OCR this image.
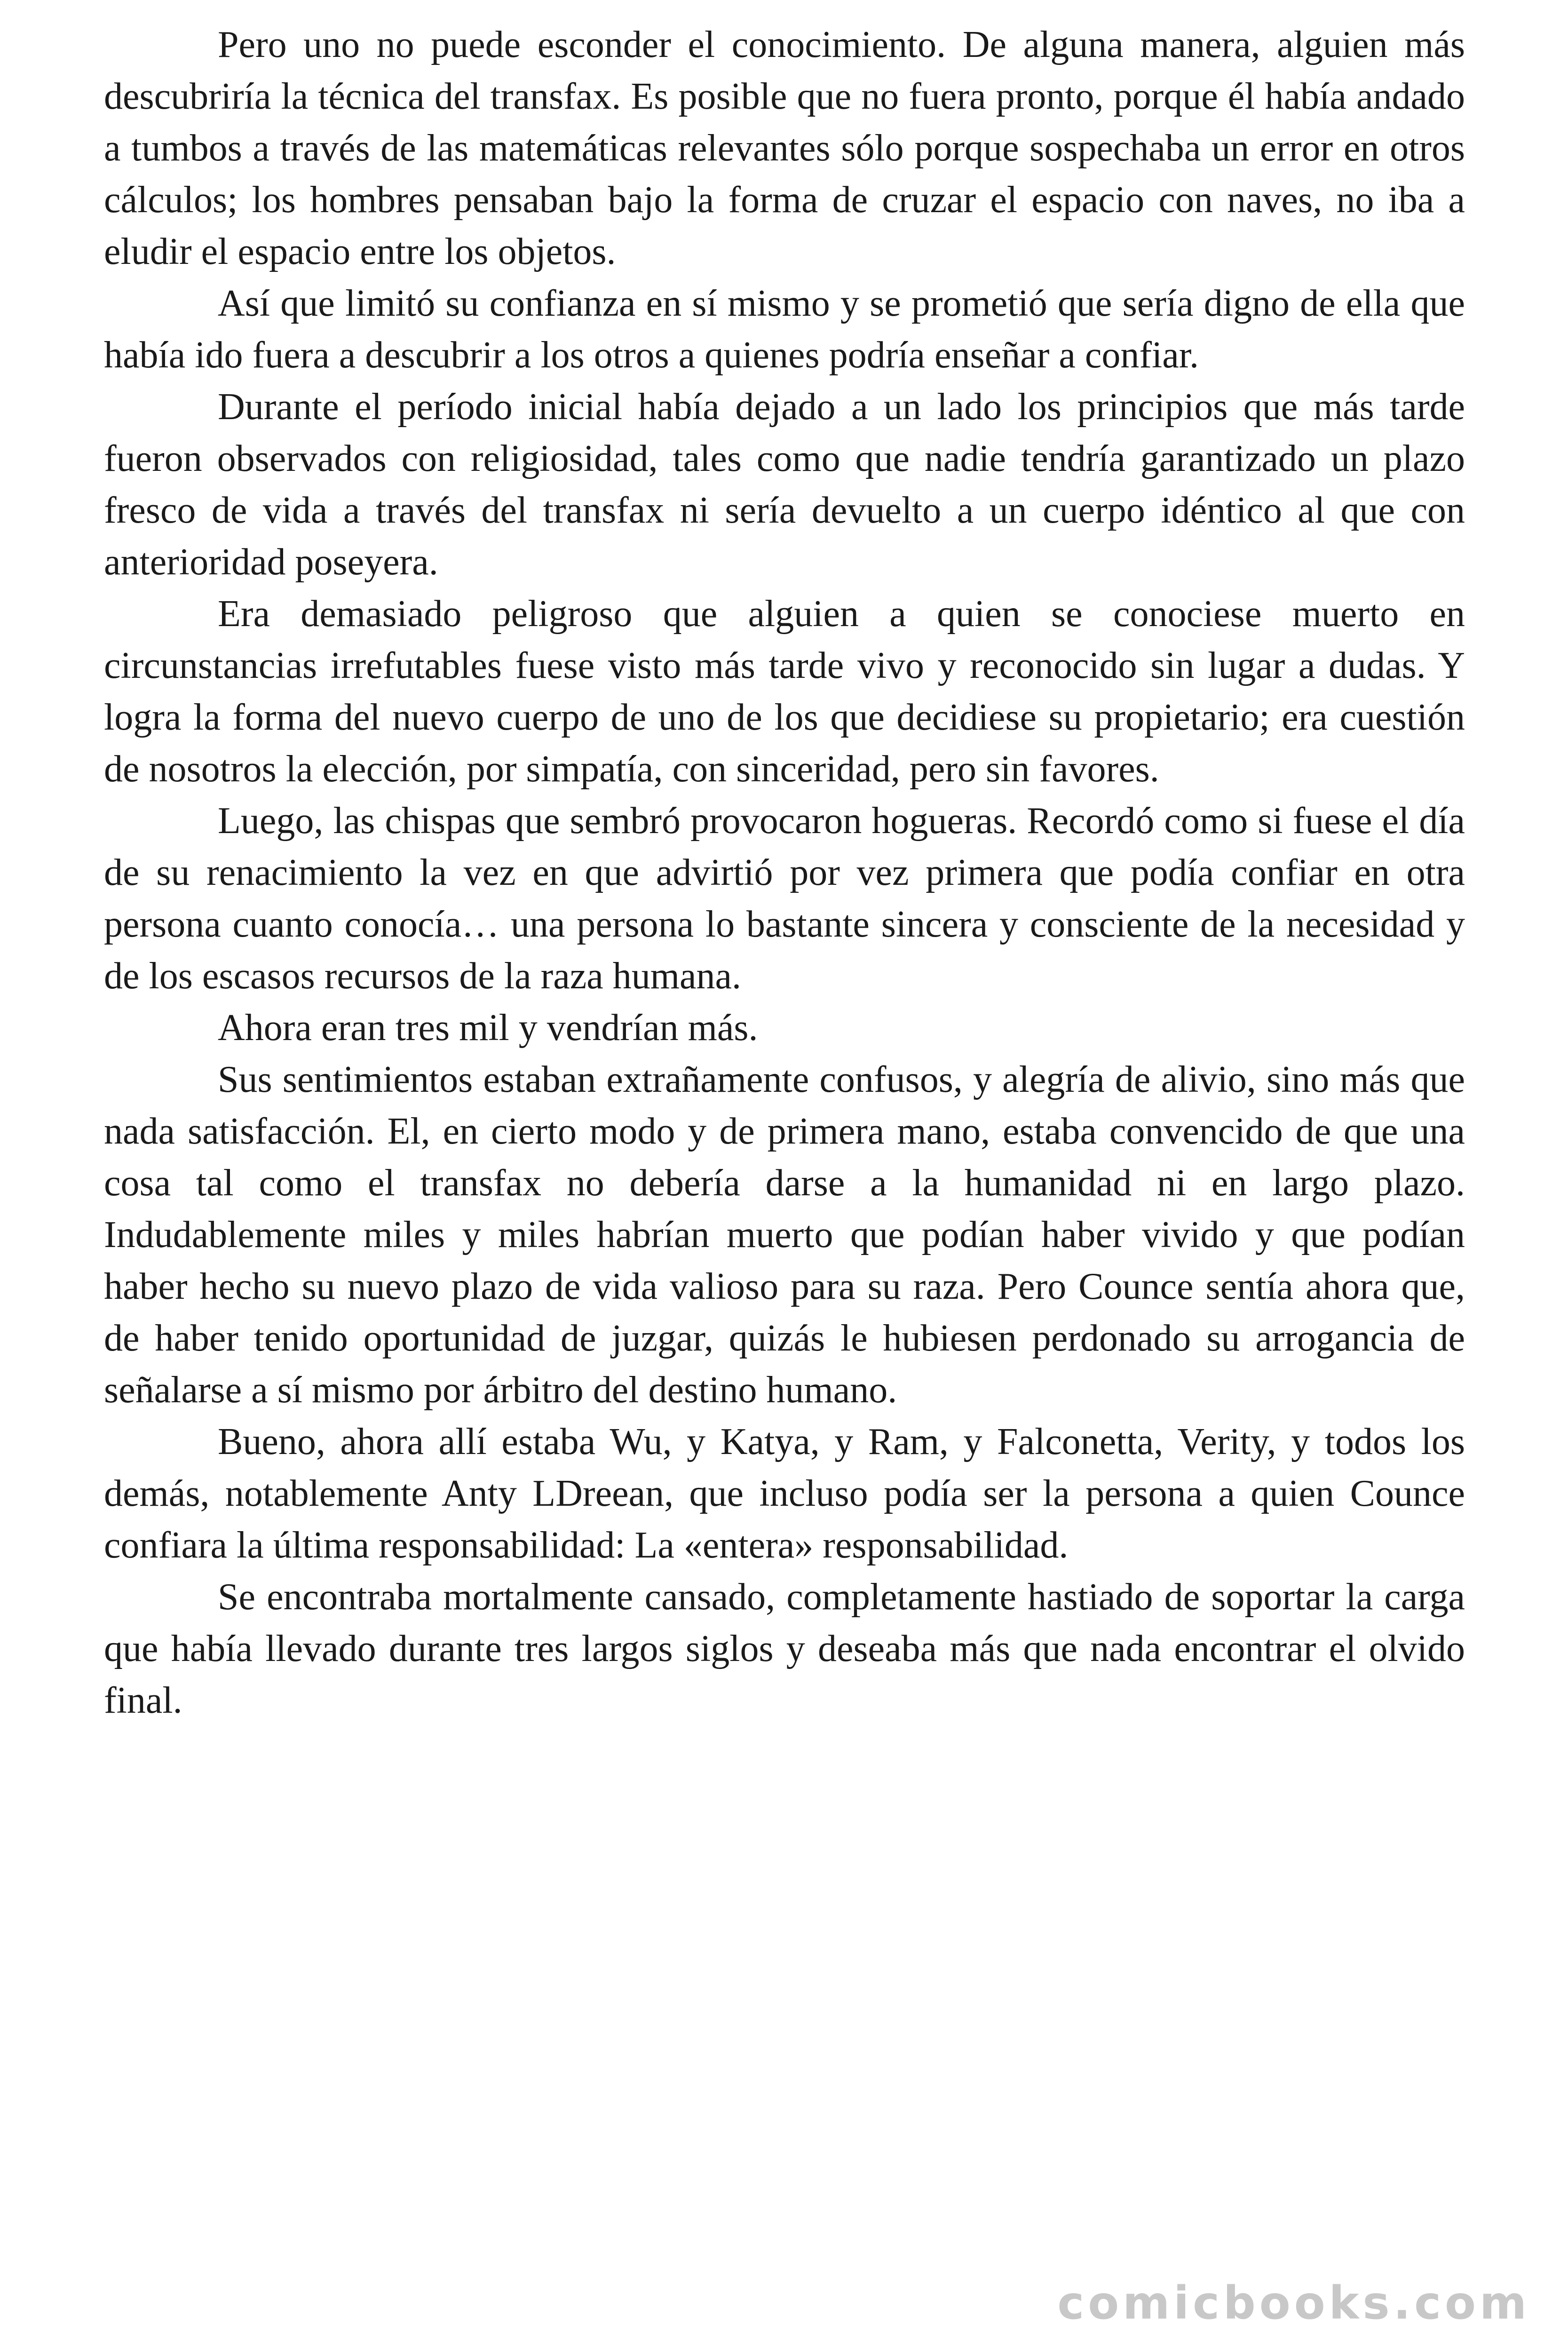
Pero uno no puede esconder el conocimiento. De alguna manera, alguien más descubriría la técnica del transfax. Es posible que no fuera pronto, porque él había andado a tumbos a través de las matemáticas relevantes sólo porque sospechaba un error en otros cálculos; los hombres pensaban bajo la forma de cruzar el espacio con naves, no iba a eludir el espacio entre los objetos.

Así que limitó su confianza en sí mismo y se prometió que sería digno de ella que había ido fuera a descubrir a los otros a quienes podría enseñar a confiar.

Durante el período inicial había dejado a un lado los principios que más tarde fueron observados con religiosidad, tales como que nadie tendría garantizado un plazo fresco de vida a través del transfax ni sería devuelto a un cuerpo idéntico al que con anterioridad poseyera.

Era demasiado peligroso que alguien a quien se conociese muerto en circunstancias irrefutables fuese visto más tarde vivo y reconocido sin lugar a dudas. Y logra la forma del nuevo cuerpo de uno de los que decidiese su propietario; era cuestión de nosotros la elección, por simpatía, con sinceridad, pero sin favores.

Luego, las chispas que sembró provocaron hogueras. Recordó como si fuese el día de su renacimiento la vez en que advirtió por vez primera que podía confiar en otra persona cuanto conocía… una persona lo bastante sincera y consciente de la necesidad y de los escasos recursos de la raza humana.

Ahora eran tres mil y vendrían más.

Sus sentimientos estaban extrañamente confusos, y alegría de alivio, sino más que nada satisfacción. El, en cierto modo y de primera mano, estaba convencido de que una cosa tal como el transfax no debería darse a la humanidad ni en largo plazo. Indudablemente miles y miles habrían muerto que podían haber vivido y que podían haber hecho su nuevo plazo de vida valioso para su raza. Pero Counce sentía ahora que, de haber tenido oportunidad de juzgar, quizás le hubiesen perdonado su arrogancia de señalarse a sí mismo por árbitro del destino humano.

Bueno, ahora allí estaba Wu, y Katya, y Ram, y Falconetta, Verity, y todos los demás, notablemente Anty LDreean, que incluso podía ser la persona a quien Counce confiara la última responsabilidad: La «entera» responsabilidad.

Se encontraba mortalmente cansado, completamente hastiado de soportar la carga que había llevado durante tres largos siglos y deseaba más que nada encontrar el olvido final.

comicbooks.com
